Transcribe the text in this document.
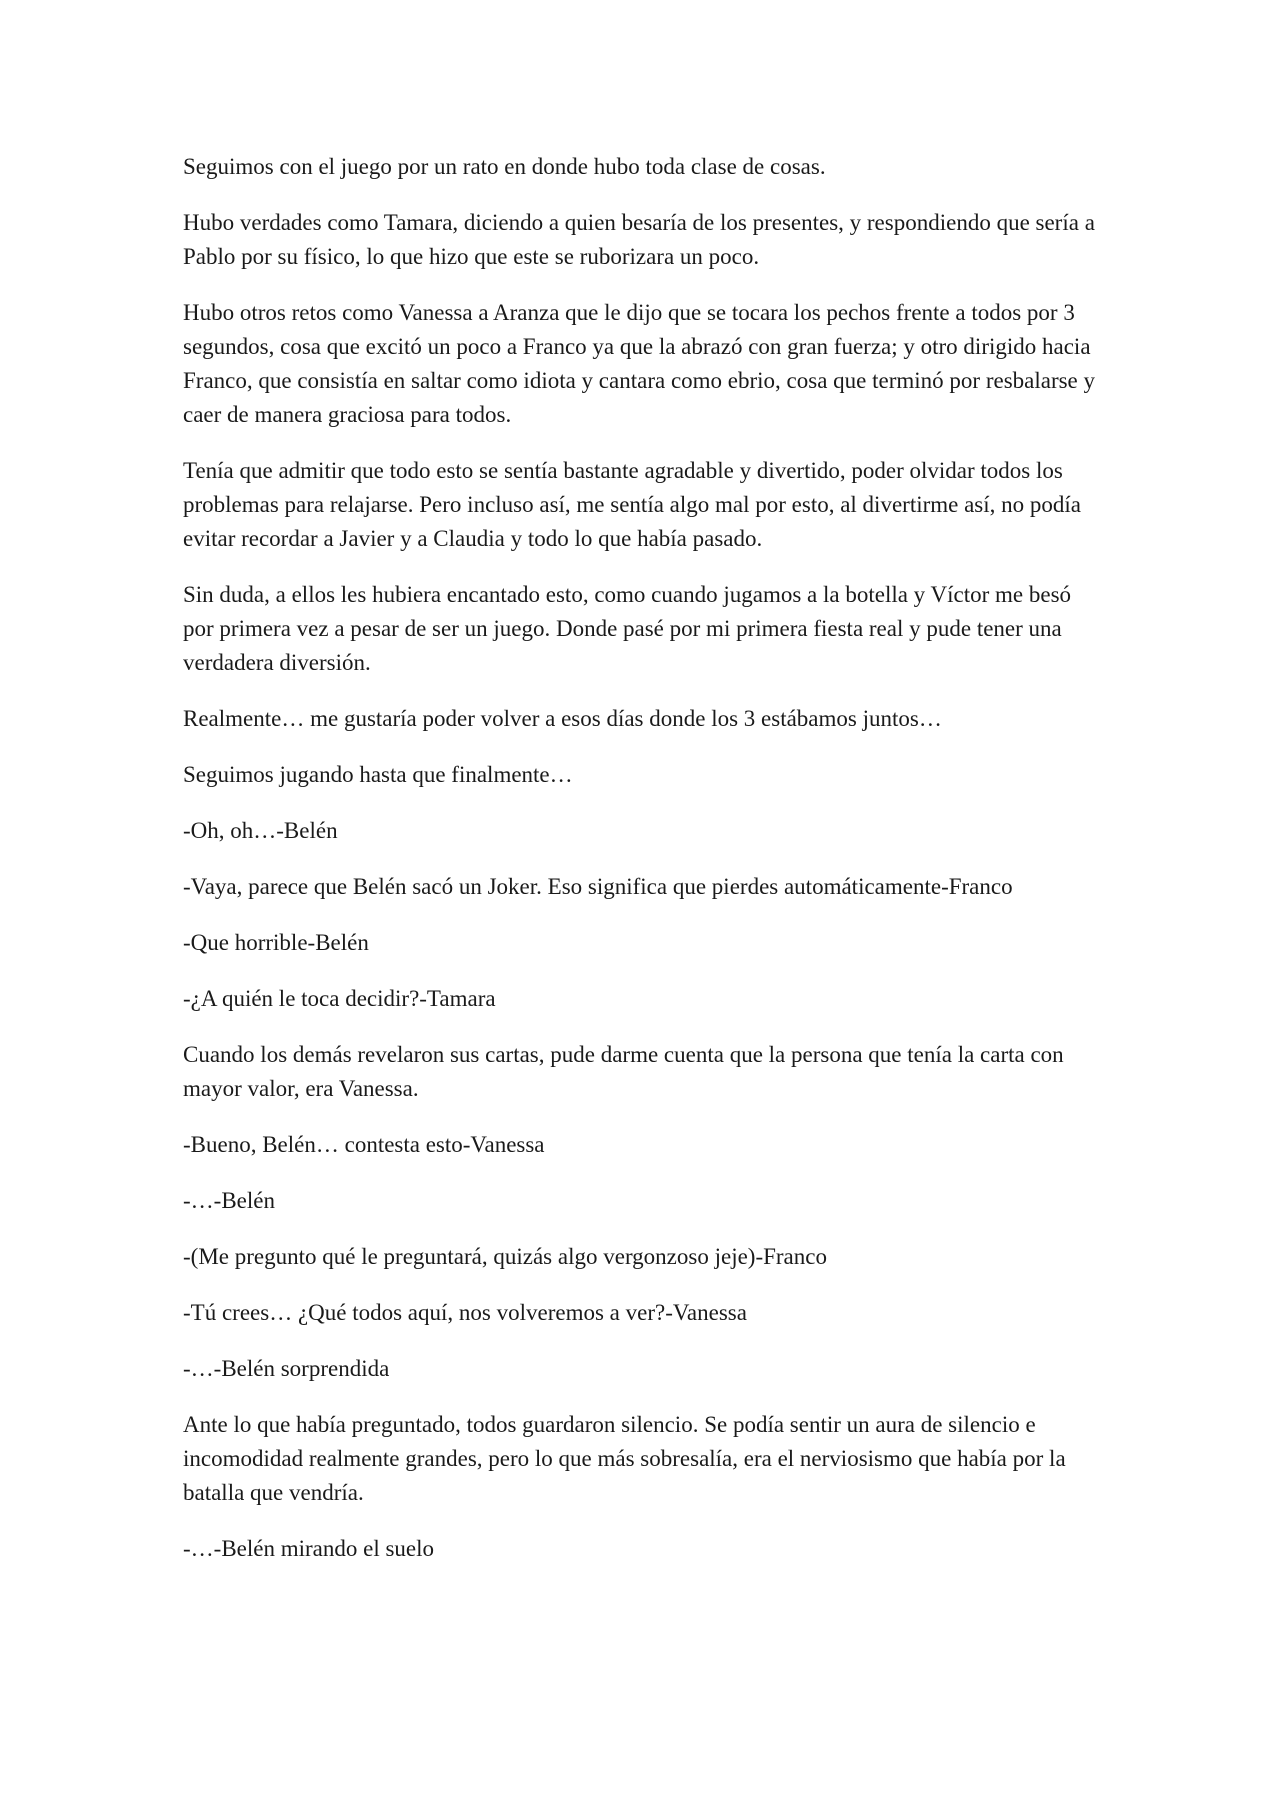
Seguimos con el juego por un rato en donde hubo toda clase de cosas.

Hubo verdades como Tamara, diciendo a quien besaría de los presentes, y respondiendo que sería a Pablo por su físico, lo que hizo que este se ruborizara un poco.

Hubo otros retos como Vanessa a Aranza que le dijo que se tocara los pechos frente a todos por 3 segundos, cosa que excitó un poco a Franco ya que la abrazó con gran fuerza; y otro dirigido hacia Franco, que consistía en saltar como idiota y cantara como ebrio, cosa que terminó por resbalarse y caer de manera graciosa para todos.

Tenía que admitir que todo esto se sentía bastante agradable y divertido, poder olvidar todos los problemas para relajarse. Pero incluso así, me sentía algo mal por esto, al divertirme así, no podía evitar recordar a Javier y a Claudia y todo lo que había pasado.

Sin duda, a ellos les hubiera encantado esto, como cuando jugamos a la botella y Víctor me besó por primera vez a pesar de ser un juego. Donde pasé por mi primera fiesta real y pude tener una verdadera diversión.

Realmente… me gustaría poder volver a esos días donde los 3 estábamos juntos…

Seguimos jugando hasta que finalmente…

-Oh, oh…-Belén

-Vaya, parece que Belén sacó un Joker. Eso significa que pierdes automáticamente-Franco

-Que horrible-Belén

-¿A quién le toca decidir?-Tamara

Cuando los demás revelaron sus cartas, pude darme cuenta que la persona que tenía la carta con mayor valor, era Vanessa.

-Bueno, Belén… contesta esto-Vanessa

-…-Belén

-(Me pregunto qué le preguntará, quizás algo vergonzoso jeje)-Franco

-Tú crees… ¿Qué todos aquí, nos volveremos a ver?-Vanessa

-…-Belén sorprendida

Ante lo que había preguntado, todos guardaron silencio. Se podía sentir un aura de silencio e incomodidad realmente grandes, pero lo que más sobresalía, era el nerviosismo que había por la batalla que vendría.

-…-Belén mirando el suelo
